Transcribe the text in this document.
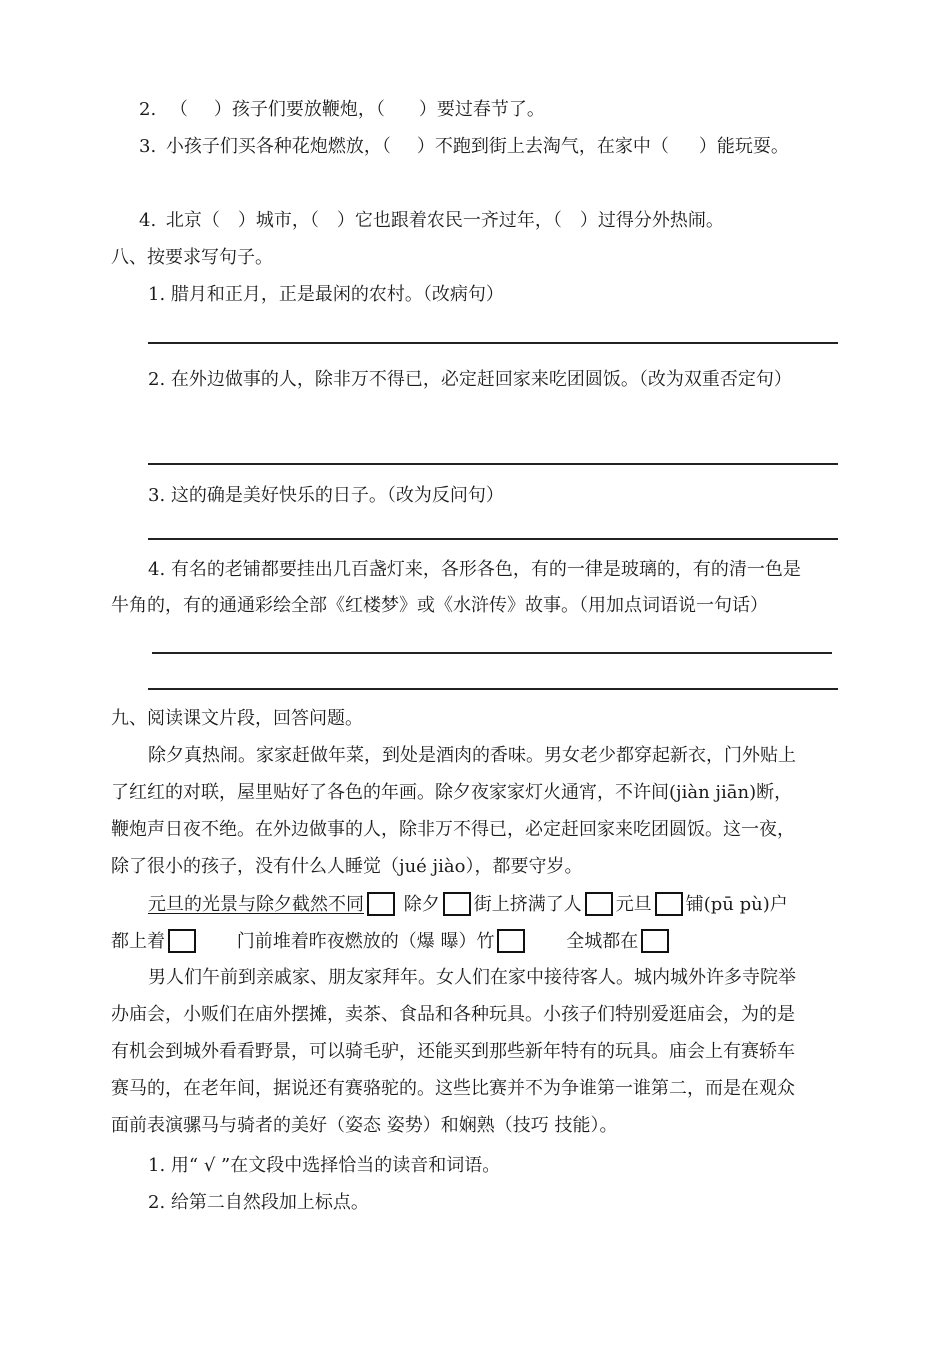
2. （ ）孩子们要放鞭炮，（ ）要过春节了。
3. 小孩子们买各种花炮燃放，（ ）不跑到街上去淘气，在家中（ ）能玩耍。
4. 北京（ ）城市，（ ）它也跟着农民一齐过年，（ ）过得分外热闹。
八、按要求写句子。
1. 腊月和正月，正是最闲的农村。（改病句）
2. 在外边做事的人，除非万不得已，必定赶回家来吃团圆饭。（改为双重否定句）
3. 这的确是美好快乐的日子。（改为反问句）
4. 有名的老铺都要挂出几百盏灯来，各形各色，有的一律是玻璃的，有的清一色是
牛角的，有的通通彩绘全部《红楼梦》或《水浒传》故事。（用加点词语说一句话）
九、阅读课文片段，回答问题。
除夕真热闹。家家赶做年菜，到处是酒肉的香味。男女老少都穿起新衣，门外贴上
了红红的对联，屋里贴好了各色的年画。除夕夜家家灯火通宵，不许间(jiàn jiān)断，
鞭炮声日夜不绝。在外边做事的人，除非万不得已，必定赶回家来吃团圆饭。这一夜，
除了很小的孩子，没有什么人睡觉（jué jiào），都要守岁。
元旦的光景与除夕截然不同 除夕 街上挤满了人 元旦 铺(pū pù)户
都上着	门前堆着昨夜燃放的（爆 曝）竹	全城都在
男人们午前到亲戚家、朋友家拜年。女人们在家中接待客人。城内城外许多寺院举
办庙会，小贩们在庙外摆摊，卖茶、食品和各种玩具。小孩子们特别爱逛庙会，为的是
有机会到城外看看野景，可以骑毛驴，还能买到那些新年特有的玩具。庙会上有赛轿车
赛马的，在老年间，据说还有赛骆驼的。这些比赛并不为争谁第一谁第二，而是在观众
面前表演骡马与骑者的美好（姿态 姿势）和娴熟（技巧 技能）。
1. 用“ √ ”在文段中选择恰当的读音和词语。
2. 给第二自然段加上标点。
